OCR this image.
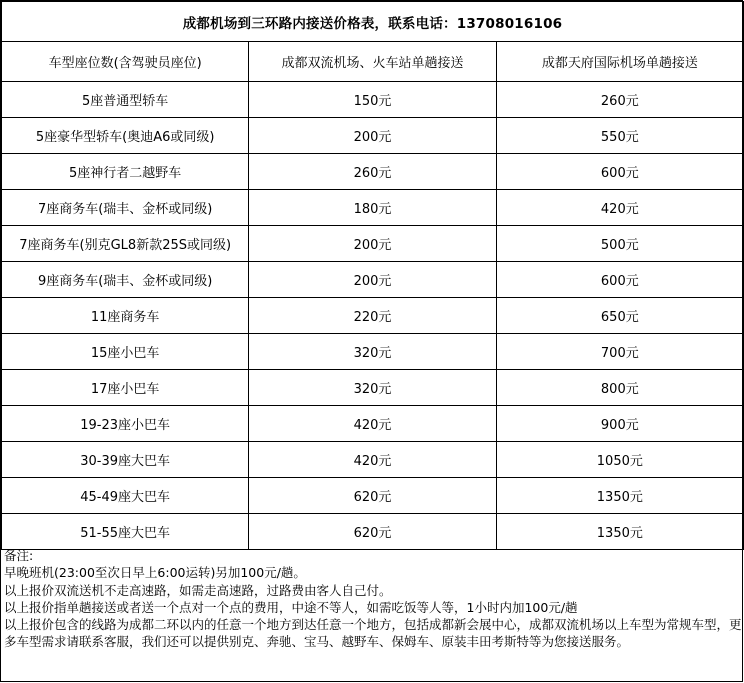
成都机场到三环路内接送价格表，联系电话：13708016106		
车型座位数(含驾驶员座位)	成都双流机场、火车站单趟接送	成都天府国际机场单趟接送
5座普通型轿车	150元	260元
5座豪华型轿车(奥迪A6或同级)	200元	550元
5座神行者二越野车	260元	600元
7座商务车(瑞丰、金杯或同级)	180元	420元
7座商务车(别克GL8新款25S或同级)	200元	500元
9座商务车(瑞丰、金杯或同级)	200元	600元
11座商务车	220元	650元
15座小巴车	320元	700元
17座小巴车	320元	800元
19-23座小巴车	420元	900元
30-39座大巴车	420元	1050元
45-49座大巴车	620元	1350元
51-55座大巴车	620元	1350元
备注:
早晚班机(23:00至次日早上6:00运转)另加100元/趟。
以上报价双流送机不走高速路，如需走高速路，过路费由客人自己付。
以上报价指单趟接送或者送一个点对一个点的费用，中途不等人，如需吃饭等人等，1小时内加100元/趟
以上报价包含的线路为成都二环以内的任意一个地方到达任意一个地方，包括成都新会展中心，成都双流机场以上车型为常规车型，更多车型需求请联系客服，我们还可以提供别克、奔驰、宝马、越野车、保姆车、原装丰田考斯特等为您接送服务。
